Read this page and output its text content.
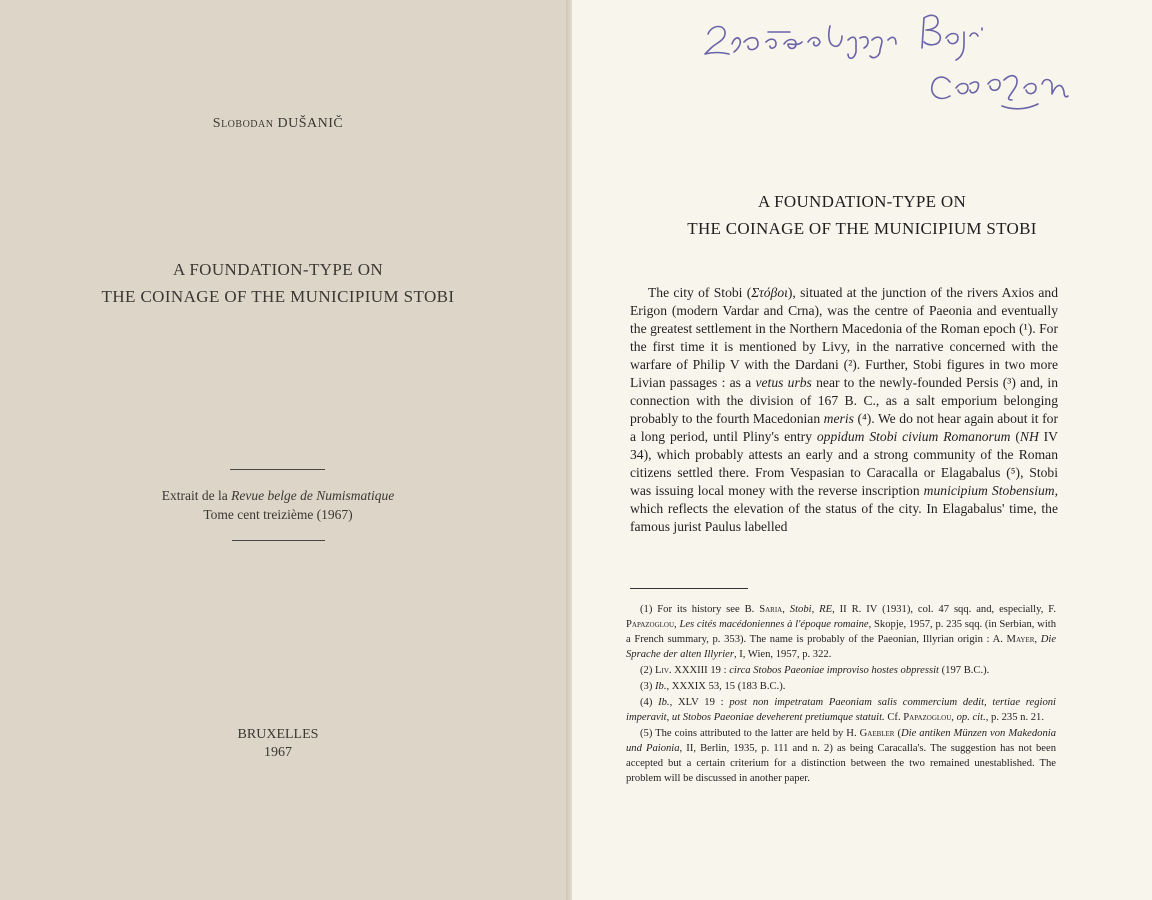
Slobodan DUŠANIČ
A FOUNDATION-TYPE ON
THE COINAGE OF THE MUNICIPIUM STOBI
Extrait de la Revue belge de Numismatique
Tome cent treizième (1967)
BRUXELLES
1967
A FOUNDATION-TYPE ON
THE COINAGE OF THE MUNICIPIUM STOBI

The city of Stobi (Στόβοι), situated at the junction of the rivers Axios and Erigon (modern Vardar and Crna), was the centre of Paeonia and eventually the greatest settlement in the Northern Macedonia of the Roman epoch (¹). For the first time it is mentioned by Livy, in the narrative concerned with the warfare of Philip V with the Dardani (²). Further, Stobi figures in two more Livian passages : as a vetus urbs near to the newly-founded Persis (³) and, in connection with the division of 167 B. C., as a salt emporium belonging probably to the fourth Macedonian meris (⁴). We do not hear again about it for a long period, until Pliny's entry oppidum Stobi civium Romanorum (NH IV 34), which probably attests an early and a strong community of the Roman citizens settled there. From Vespasian to Caracalla or Elagabalus (⁵), Stobi was issuing local money with the reverse inscription municipium Stobensium, which reflects the elevation of the status of the city. In Elagabalus' time, the famous jurist Paulus labelled

(1) For its history see B. Saria, Stobi, RE, II R. IV (1931), col. 47 sqq. and, especially, F. Papazoglou, Les cités macédoniennes à l'époque romaine, Skopje, 1957, p. 235 sqq. (in Serbian, with a French summary, p. 353). The name is probably of the Paeonian, Illyrian origin : A. Mayer, Die Sprache der alten Illyrier, I, Wien, 1957, p. 322.

(2) Liv. XXXIII 19 : circa Stobos Paeoniae improviso hostes obpressit (197 B.C.).

(3) Ib., XXXIX 53, 15 (183 B.C.).

(4) Ib., XLV 19 : post non impetratam Paeoniam salis commercium dedit, tertiae regioni imperavit, ut Stobos Paeoniae deveherent pretiumque statuit. Cf. Papazoglou, op. cit., p. 235 n. 21.

(5) The coins attributed to the latter are held by H. Gaebler (Die antiken Münzen von Makedonia und Paionia, II, Berlin, 1935, p. 111 and n. 2) as being Caracalla's. The suggestion has not been accepted but a certain criterium for a distinction between the two remained unestablished. The problem will be discussed in another paper.
